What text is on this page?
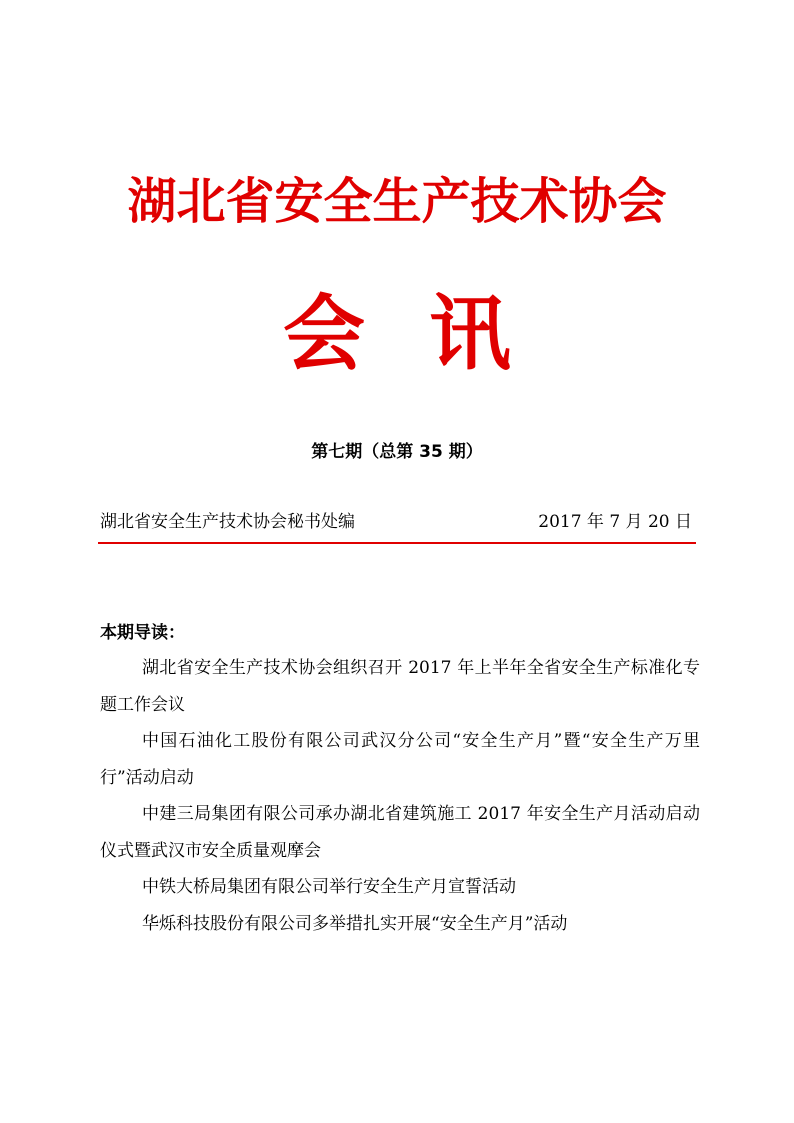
湖北省安全生产技术协会
会讯
第七期（总第 35 期）
湖北省安全生产技术协会秘书处编	2017 年 7 月 20 日
本期导读：
湖北省安全生产技术协会组织召开 2017 年上半年全省安全生产标准化专题工作会议
中国石油化工股份有限公司武汉分公司“安全生产月”暨“安全生产万里行”活动启动
中建三局集团有限公司承办湖北省建筑施工 2017 年安全生产月活动启动仪式暨武汉市安全质量观摩会
中铁大桥局集团有限公司举行安全生产月宣誓活动
华烁科技股份有限公司多举措扎实开展“安全生产月”活动
